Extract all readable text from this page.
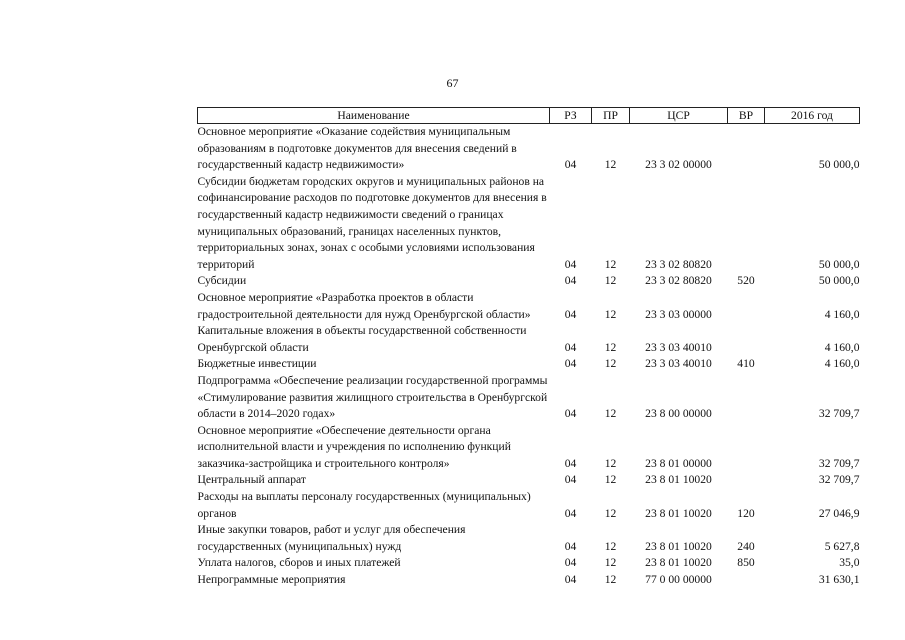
67
Наименование	РЗ	ПР	ЦСР	ВР	2016 год
Основное мероприятие «Оказание содействия муниципальным образованиям в подготовке документов для внесения сведений в государственный кадастр недвижимости»	04	12	23 3 02 00000		50 000,0
Субсидии бюджетам городских округов и муниципальных районов на софинансирование расходов по подготовке документов для внесения в государственный кадастр недвижимости сведений о границах муниципальных образований, границах населенных пунктов, территориальных зонах, зонах с особыми условиями использования территорий	04	12	23 3 02 80820		50 000,0
Субсидии	04	12	23 3 02 80820	520	50 000,0
Основное мероприятие «Разработка проектов в области градостроительной деятельности для нужд Оренбургской области»	04	12	23 3 03 00000		4 160,0
Капитальные вложения в объекты государственной собственности Оренбургской области	04	12	23 3 03 40010		4 160,0
Бюджетные инвестиции	04	12	23 3 03 40010	410	4 160,0
Подпрограмма «Обеспечение реализации государственной программы «Стимулирование развития жилищного строительства в Оренбургской области в 2014–2020 годах»	04	12	23 8 00 00000		32 709,7
Основное мероприятие «Обеспечение деятельности органа исполнительной власти и учреждения по исполнению функций заказчика-застройщика и строительного контроля»	04	12	23 8 01 00000		32 709,7
Центральный аппарат	04	12	23 8 01 10020		32 709,7
Расходы на выплаты персоналу государственных (муниципальных) органов	04	12	23 8 01 10020	120	27 046,9
Иные закупки товаров, работ и услуг для обеспечения государственных (муниципальных) нужд	04	12	23 8 01 10020	240	5 627,8
Уплата налогов, сборов и иных платежей	04	12	23 8 01 10020	850	35,0
Непрограммные мероприятия	04	12	77 0 00 00000		31 630,1
